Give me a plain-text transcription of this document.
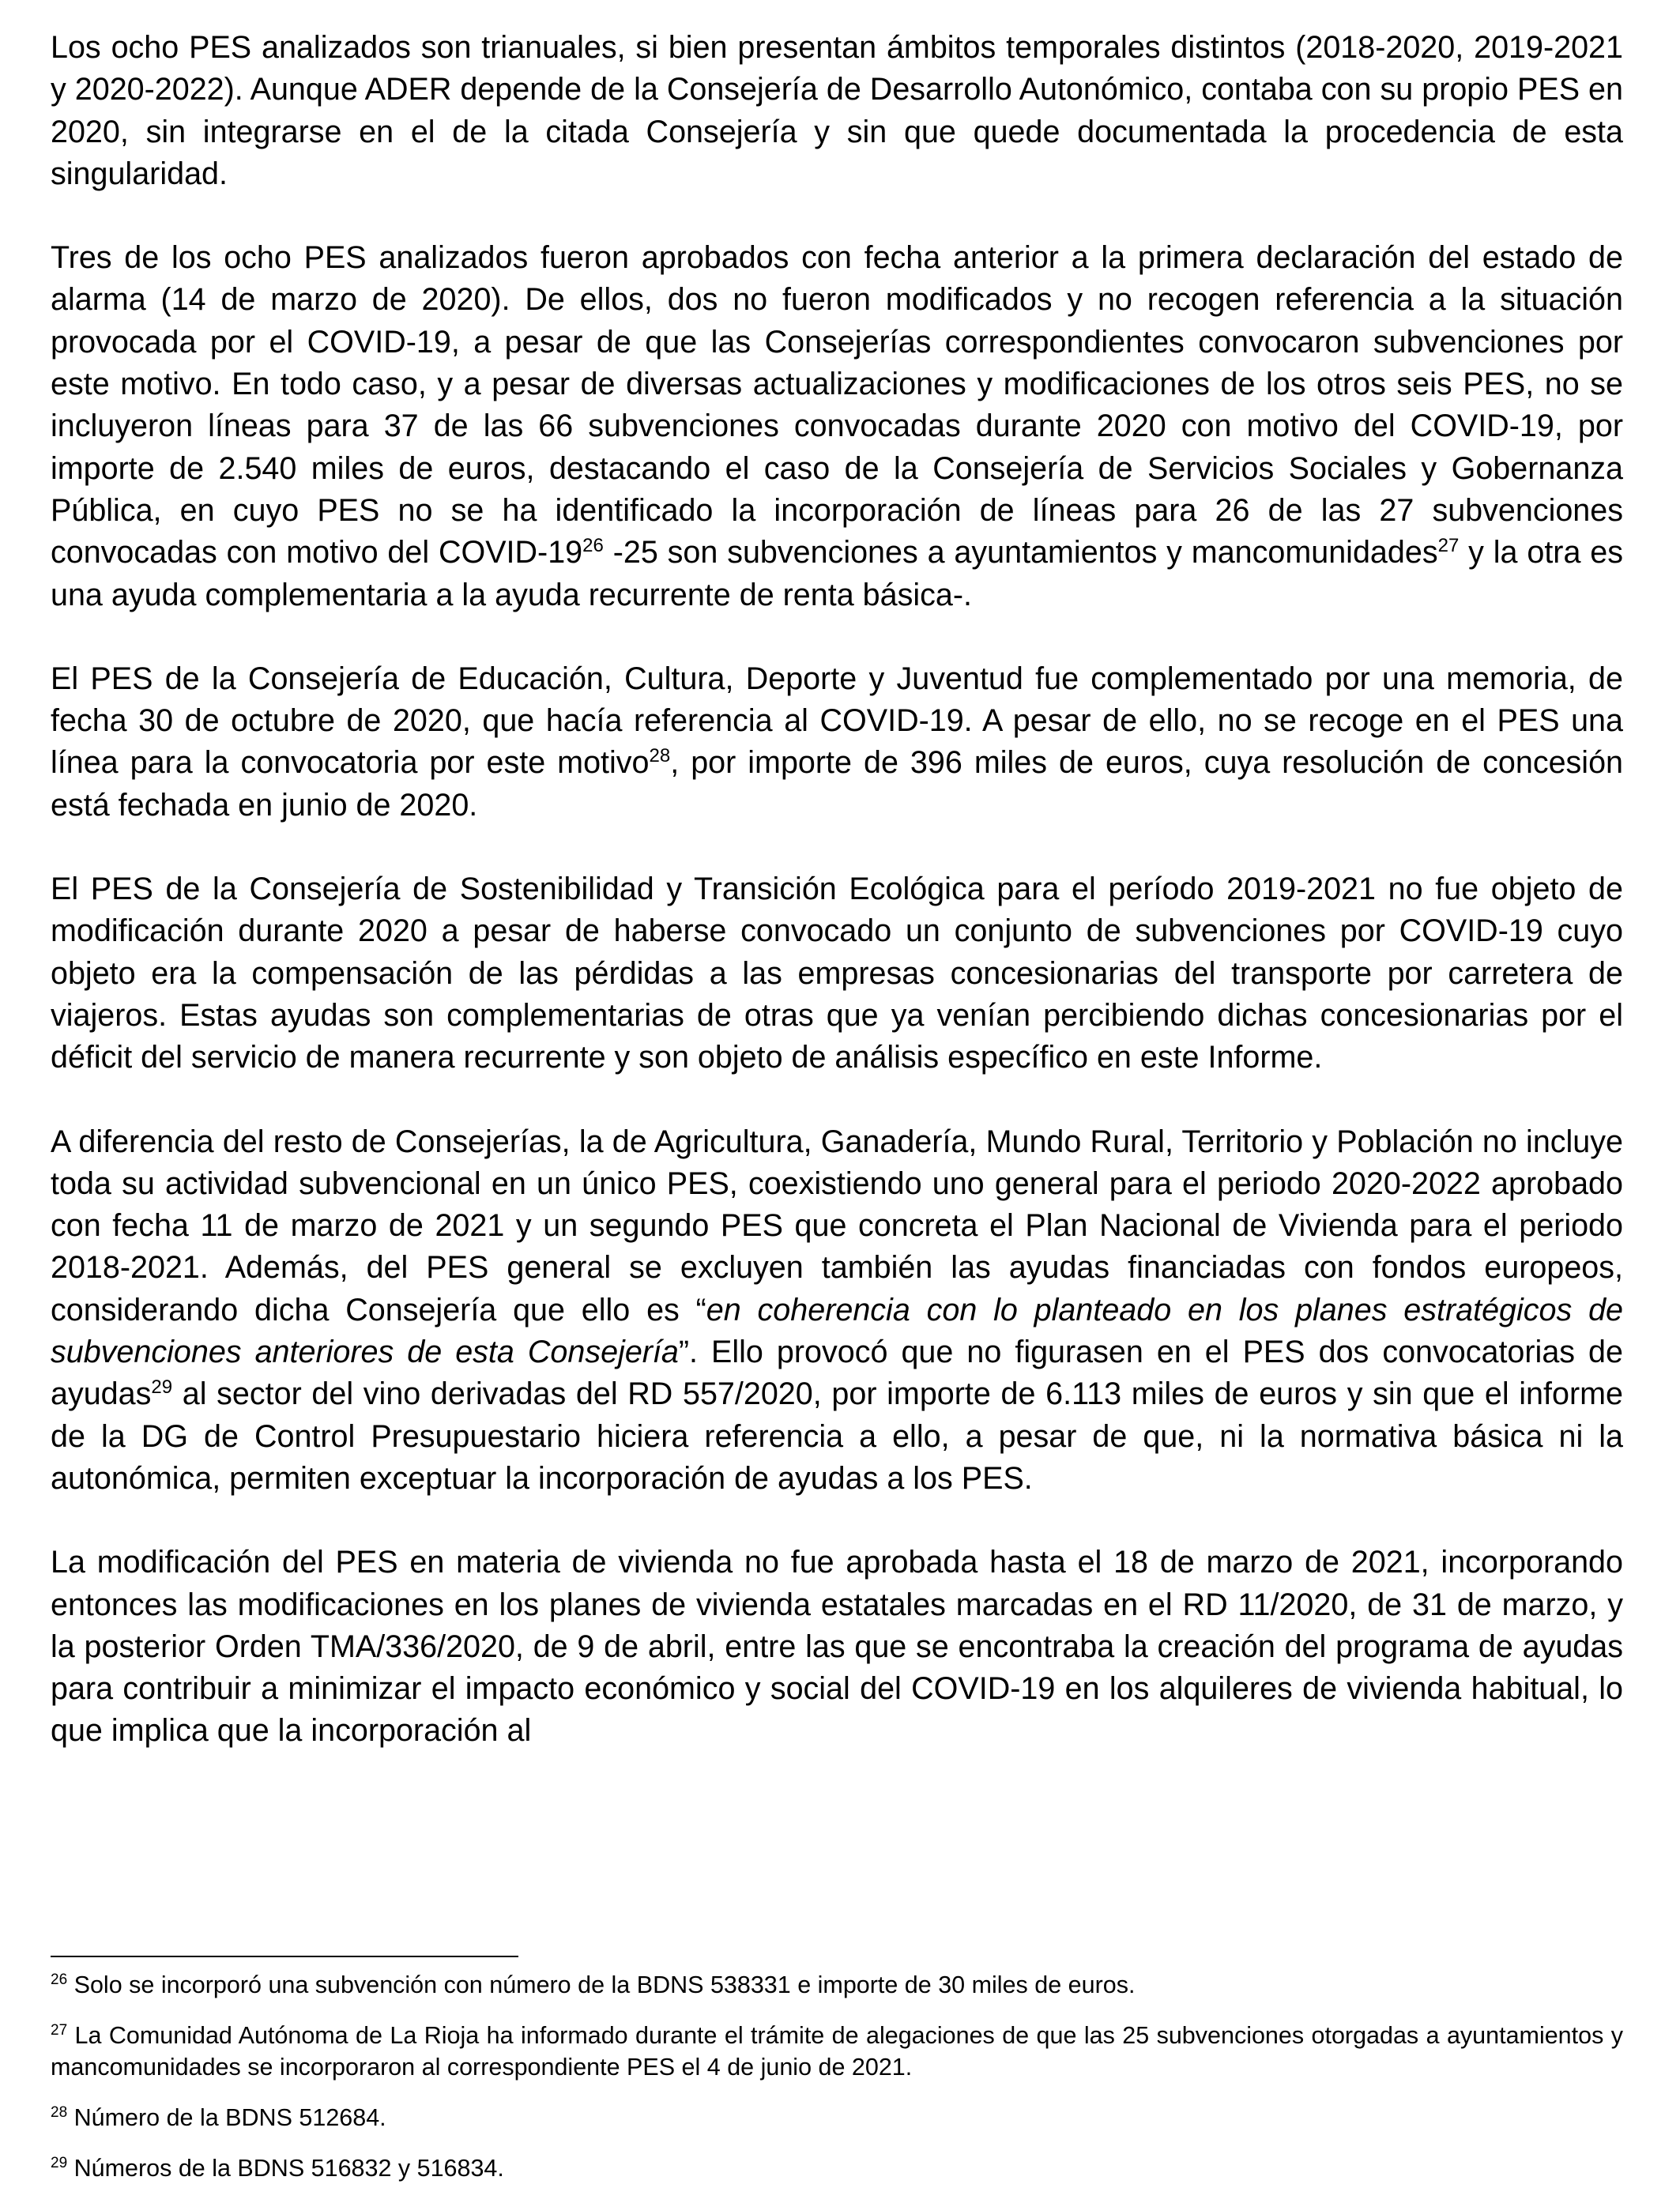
Los ocho PES analizados son trianuales, si bien presentan ámbitos temporales distintos (2018-2020, 2019-2021 y 2020-2022). Aunque ADER depende de la Consejería de Desarrollo Autonómico, contaba con su propio PES en 2020, sin integrarse en el de la citada Consejería y sin que quede documentada la procedencia de esta singularidad.

Tres de los ocho PES analizados fueron aprobados con fecha anterior a la primera declaración del estado de alarma (14 de marzo de 2020). De ellos, dos no fueron modificados y no recogen referencia a la situación provocada por el COVID-19, a pesar de que las Consejerías correspondientes convocaron subvenciones por este motivo. En todo caso, y a pesar de diversas actualizaciones y modificaciones de los otros seis PES, no se incluyeron líneas para 37 de las 66 subvenciones convocadas durante 2020 con motivo del COVID-19, por importe de 2.540 miles de euros, destacando el caso de la Consejería de Servicios Sociales y Gobernanza Pública, en cuyo PES no se ha identificado la incorporación de líneas para 26 de las 27 subvenciones convocadas con motivo del COVID-19$^{26}$ -25 son subvenciones a ayuntamientos y mancomunidades$^{27}$ y la otra es una ayuda complementaria a la ayuda recurrente de renta básica-.

El PES de la Consejería de Educación, Cultura, Deporte y Juventud fue complementado por una memoria, de fecha 30 de octubre de 2020, que hacía referencia al COVID-19. A pesar de ello, no se recoge en el PES una línea para la convocatoria por este motivo$^{28}$, por importe de 396 miles de euros, cuya resolución de concesión está fechada en junio de 2020.

El PES de la Consejería de Sostenibilidad y Transición Ecológica para el período 2019-2021 no fue objeto de modificación durante 2020 a pesar de haberse convocado un conjunto de subvenciones por COVID-19 cuyo objeto era la compensación de las pérdidas a las empresas concesionarias del transporte por carretera de viajeros. Estas ayudas son complementarias de otras que ya venían percibiendo dichas concesionarias por el déficit del servicio de manera recurrente y son objeto de análisis específico en este Informe.

A diferencia del resto de Consejerías, la de Agricultura, Ganadería, Mundo Rural, Territorio y Población no incluye toda su actividad subvencional en un único PES, coexistiendo uno general para el periodo 2020-2022 aprobado con fecha 11 de marzo de 2021 y un segundo PES que concreta el Plan Nacional de Vivienda para el periodo 2018-2021. Además, del PES general se excluyen también las ayudas financiadas con fondos europeos, considerando dicha Consejería que ello es “en coherencia con lo planteado en los planes estratégicos de subvenciones anteriores de esta Consejería”. Ello provocó que no figurasen en el PES dos convocatorias de ayudas$^{29}$ al sector del vino derivadas del RD 557/2020, por importe de 6.113 miles de euros y sin que el informe de la DG de Control Presupuestario hiciera referencia a ello, a pesar de que, ni la normativa básica ni la autonómica, permiten exceptuar la incorporación de ayudas a los PES.

La modificación del PES en materia de vivienda no fue aprobada hasta el 18 de marzo de 2021, incorporando entonces las modificaciones en los planes de vivienda estatales marcadas en el RD 11/2020, de 31 de marzo, y la posterior Orden TMA/336/2020, de 9 de abril, entre las que se encontraba la creación del programa de ayudas para contribuir a minimizar el impacto económico y social del COVID-19 en los alquileres de vivienda habitual, lo que implica que la incorporación al

$^{26}$ Solo se incorporó una subvención con número de la BDNS 538331 e importe de 30 miles de euros.

$^{27}$ La Comunidad Autónoma de La Rioja ha informado durante el trámite de alegaciones de que las 25 subvenciones otorgadas a ayuntamientos y mancomunidades se incorporaron al correspondiente PES el 4 de junio de 2021.

$^{28}$ Número de la BDNS 512684.

$^{29}$ Números de la BDNS 516832 y 516834.
